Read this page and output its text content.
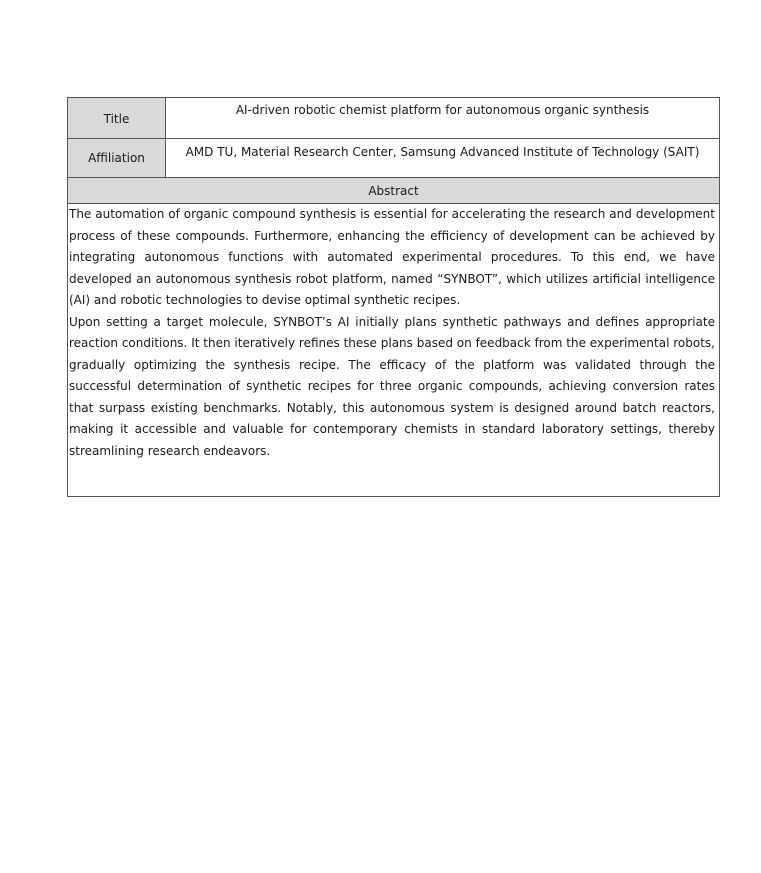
Title
AI-driven robotic chemist platform for autonomous organic synthesis
Affiliation	AMD TU, Material Research Center, Samsung Advanced Institute of Technology (SAIT)
Abstract

The automation of organic compound synthesis is essential for accelerating the research and development process of these compounds. Furthermore, enhancing the efficiency of development can be achieved by integrating autonomous functions with automated experimental procedures. To this end, we have developed an autonomous synthesis robot platform, named “SYNBOT”, which utilizes artificial intelligence (AI) and robotic technologies to devise optimal synthetic recipes.

Upon setting a target molecule, SYNBOT’s AI initially plans synthetic pathways and defines appropriate reaction conditions. It then iteratively refines these plans based on feedback from the experimental robots, gradually optimizing the synthesis recipe. The efficacy of the platform was validated through the successful determination of synthetic recipes for three organic compounds, achieving conversion rates that surpass existing benchmarks. Notably, this autonomous system is designed around batch reactors, making it accessible and valuable for contemporary chemists in standard laboratory settings, thereby streamlining research endeavors.
